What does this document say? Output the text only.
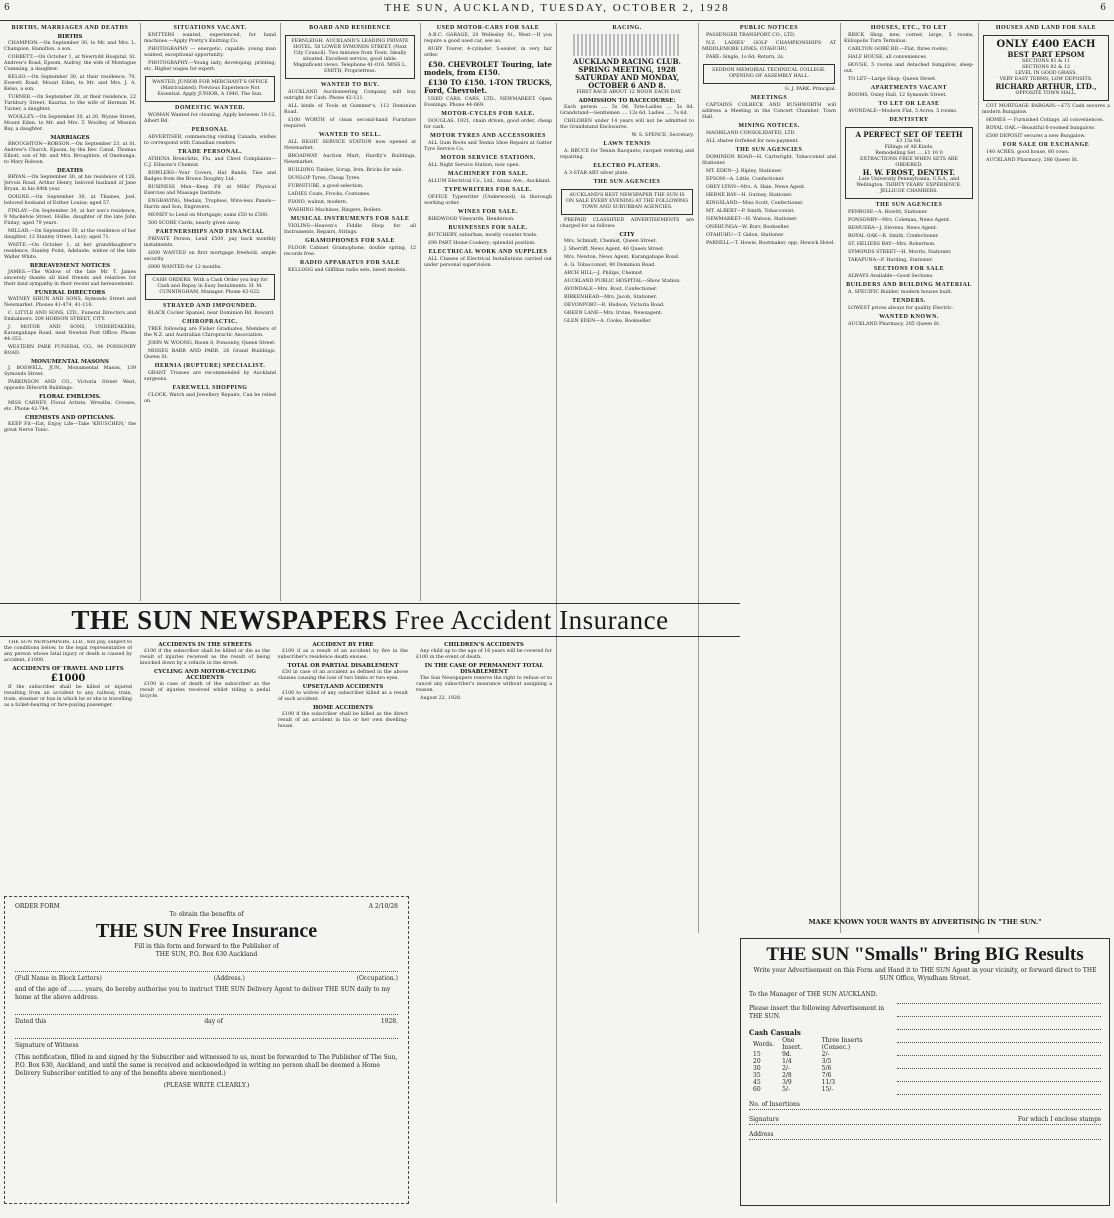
6	THE SUN, AUCKLAND, TUESDAY, OCTOBER 2, 1928	6
BIRTHS, MARRIAGES AND DEATHS
BIRTHS

CHAMPION.—On September 30, to Mr. and Mrs. L. Champion, Hamilton, a son.

CORBETT.—On October 1, at Newrydd Hospital, St. Andrew's Road, Epsom, Audrey, the wife of Montague Cumming, a daughter.

KELSO.—On September 30, at their residence, 70, Everett Road, Mount Eden, to Mr. and Mrs. J. A. Kelso, a son.

TURNER.—On September 28, at their residence, 22 Turnbury Street, Kaurna, to the wife of Herman M. Turner, a daughter.

WOOLLEY.—On September 30, at 20, Wynne Street, Mount Eden, to Mr. and Mrs. T. Woolley, of Mission Bay, a daughter.

MARRIAGES

BROUGHTON—ROBSON.—On September 23, at St. Andrew's Church, Epsom, by the Rev. Canal, Thomas Elliott, son of Mr. and Mrs. Broughton, of Onehunga, to Mary Robson.

DEATHS

BRYAN.—On September 30, at his residence of 126, Jervois Road, Arthur Henry, beloved husband of Jane Bryan, in his 84th year.

DOIGNE.—On September 30, at Thames, Joel, beloved husband of Esther Louise; aged 57.

FINLAY.—On September 30, at her son's residence, 9 Mackelvie Street, Hollie, daughter of the late John Finlay; aged 79 years.

MILLAR.—On September 30, at the residence of her daughter, 12 Stanley Street, Lucy; aged 71.

WHITE.—On October 1, at her granddaughter's residence, Stanley Point, Adelaide, widow of the late Walter White.

BEREAVEMENT NOTICES

JAMES.—The Widow of the late Mr. T. James sincerely thanks all kind friends and relatives for their kind sympathy in their recent sad bereavement.

FUNERAL DIRECTORS

WATNEY SIBUN AND SONS, Symonds Street and Newmarket. Phones 41-474, 41-116.

C. LITTLE AND SONS, LTD., Funeral Directors and Embalmers. 209 HOBSON STREET, CITY.

J. MOTOR AND SONS, UNDERTAKERS, Karangahape Road, next Newton Post Office. Phone 44-353.

WESTERN PARK FUNERAL CO., 94 PONSONBY ROAD.

MONUMENTAL MASONS

J. BOSWELL, JUN., Monumental Mason, 139 Symonds Street.

PARKINSON AND CO., Victoria Street West, opposite Dilworth Buildings.

FLORAL EMBLEMS.

MISS CARNEY, Floral Artiste, Wreaths, Crosses, etc. Phone 42-744.

CHEMISTS AND OPTICIANS.

KEEP Fit—Eat, Enjoy Life—Take 'KRUSCHEN,' the great Nerve Tonic.

SITUATIONS VACANT.

KNITTERS wanted, experienced, for hand machines.—Apply Pretty's Knitting Co.

PHOTOGRAPHY — energetic, capable, young man wanted, exceptional opportunity.

PHOTOGRAPHY.—Young lady, developing, printing, etc. Higher wages for expert.

WANTED, JUNIOR FOR MERCHANT'S OFFICE (Matriculated). Previous Experience Not Essential. Apply JUNIOR, A 1946, The Sun.
DOMESTIC WANTED.

WOMAN Wanted for cleaning. Apply between 10-12, Albert Rd.

PERSONAL

ADVERTISER, commencing visiting Canada, wishes to correspond with Canadian readers.

TRADE PERSONAL.

ATHENA Bronchitis, Flu, and Chest Complaints—C.J. Ellisons's Chemist.

BOWLERS—Your Covers, Hat Bands, Ties and Badges from the Brown Doughty Ltd.

BUSINESS Men—Keep Fit at Mills' Physical Exercise and Massage Institute.

ENGRAVING, Medals, Trophies, Wire-less Panels—Harris and Son, Engravers.

MONEY to Lend on Mortgage; sums £50 to £500.

500 SCORE Cards, nearly given away.

PARTNERSHIPS AND FINANCIAL

PRIVATE Person, Lend £500, pay back monthly instalments.

£600 WANTED on first mortgage freehold, ample security.

£800 WANTED for 12 months.

CASH ORDERS. With a Cash Order you buy for Cash and Repay in Easy Instalments. H. M. CUNNINGHAM, Manager. Phone 42-022.
STRAYED AND IMPOUNDED.

BLACK Cocker Spaniel, near Dominion Rd. Reward.

CHIROPRACTIC.

TREE following are Fisher Graduates, Members of the N.Z. and Australian Chiropractic Association.

JOHN W. WOONG, Room 8, Ponsonby, Queen Street.

MISSES BARR AND PARR, 26 Grand Buildings, Queen St.

HERNIA (RUPTURE) SPECIALIST.

GRANT Trusses are recommended by Auckland surgeons.

FAREWELL SHOPPING

CLOCK, Watch and Jewellery Repairs. Can be relied on.

BOARD AND RESIDENCE
FERNLEIGH. AUCKLAND'S LEADING PRIVATE HOTEL. 58 LOWER SYMONDS STREET, (Next City Council). Two minutes from Town. Ideally situated. Excellent service, good table. Magnificent views. Telephone 41-016. MISS L. SMITH, Proprietress.
WANTED TO BUY.

AUCKLAND Auctioneering Company will buy outright for Cash. Phone 42-121.

ALL kinds of Tools at Gummer's, 112 Dominion Road.

£100 WORTH of clean second-hand Furniture required.

WANTED TO SELL.

ALL RIGHT SERVICE STATION now opened at Newmarket.

BROADWAY Auction Mart, Hardly's Buildings, Newmarket.

BUILDING Timber, Scrap, Iron, Bricks for sale.

DUNLOP Tyres, Cheap Tyres.

FURNITURE, a good selection.

LADIES Coats, Frocks, Costumes.

PIANO, walnut, modern.

WASHING Machines, Ringers, Boilers.

MUSICAL INSTRUMENTS FOR SALE

VIOLINS—Heaven's Fiddle Shop for all Instruments, Repairs, Strings.

GRAMOPHONES FOR SALE

FLOOR Cabinet Gramophone, double spring, 12 records free.

RADIO APPARATUS FOR SALE

KELLOGG and Gilfillan radio sets, latest models.

USED MOTOR-CARS FOR SALE

A.B.C. GARAGE, 20 Wellesley St., West.—If you require a good used car, see us.

RUBY Tourer, 4-cylinder, 5-seater, in very fair order.

£50. CHEVROLET Touring, late models, from £150.

£130 TO £150. 1-TON TRUCKS, Ford, Chevrolet.

USED CARS, CARS, LTD., NEWMARKET. Open Evenings. Phone 44-069.

MOTOR-CYCLES FOR SALE.

DOUGLAS, 1921, chain driven, good order, cheap for cash.

MOTOR TYRES AND ACCESSORIES

ALL Gum Boots and Tennis Shoe Repairs at Gatter Tyre Service Co.

MOTOR SERVICE STATIONS.

ALL Night Service Station, now open.

MACHINERY FOR SALE.

ALLUM Electrical Co., Ltd., Anzac Ave., Auckland.

TYPEWRITERS FOR SALE.

OFFICE Typewriter (Underwood), in thorough working order.

WINES FOR SALE.

BIRDWOOD Vineyards, Henderson.

BUSINESSES FOR SALE.

BUTCHERY, suburban, mostly counter trade.

£90 PART Home Cookery; splendid position.

ELECTRICAL WORK AND SUPPLIES

ALL Classes of Electrical Installations carried out under personal supervision.

RACING.
AUCKLAND RACING CLUB.
SPRING MEETING, 1928
SATURDAY AND MONDAY, OCTOBER 6 AND 8.

FIRST RACE ABOUT 12 NOON EACH DAY.

ADMISSION TO RACECOURSE:

Each person .... 5s 0d. Tote-Ladies .... 5s 0d. Grandstand—Gentlemen .... 12s 6d. Ladies .... 7s 6d.

CHILDREN under 14 years will not be admitted to the Grandstand Enclosures.

W. S. SPENCE, Secretary.

LAWN TENNIS

A. BRUCE for Tennis Racquets; racquet restring and repairing.

ELECTRO PLATERS.

A 3-STAR ART silver plate.

THE SUN AGENCIES
AUCKLAND'S BEST NEWSPAPER THE SUN IS ON SALE EVERY EVENING AT THE FOLLOWING TOWN AND SUBURBAN AGENCIES.

PREPAID CLASSIFIED ADVERTISEMENTS are charged for as follows:

CITY

Mrs. Schmidt, Chemist, Queen Street.

J. Sherriff, News Agent, 46 Queen Street.

Mrs. Newton, News Agent, Karangahape Road.

A. G. Tobacconist, 90 Dominion Road.

ARCH HILL—J. Philips, Chemist.

AUCKLAND PUBLIC HOSPITAL—Show Station.

AVONDALE—Mrs. Rout, Confectioner.

BIRKENHEAD—Mrs. Jacob, Stationer.

DEVONPORT—R. Hudson, Victoria Road.

GREEN LANE—Mrs. Irvine, Newsagent.

GLEN EDEN—A. Cooke, Bookseller.

PUBLIC NOTICES

PASSENGER TRANSPORT CO., LTD.

N.Z. LADIES' GOLF CHAMPIONSHIPS AT MIDDLEMORE LINKS, OTAHUHU.

FARE: Single, 1s 6d; Return, 2s.

SEDDON MEMORIAL TECHNICAL COLLEGE. OPENING OF ASSEMBLY HALL.

G. J. PARK. Principal.

MEETINGS

CAPTAINS COLBECK AND RUSHWORTH will address a Meeting in the Concert Chamber, Town Hall.

MINING NOTICES.

MAORILAND CONSOLIDATED, LTD.

ALL shares forfeited for non-payment.

THE SUN AGENCIES

DOMINION ROAD—H. Cartwright, Tobacconist and Stationer.

MT. EDEN—J. Ripley, Stationer.

EPSOM—A. Little, Confectioner.

GREY LYNN—Mrs. A. Hale, News Agent.

HERNE BAY—H. Gurney, Stationer.

KINGSLAND—Miss Scott, Confectioner.

MT. ALBERT—P. Smith, Tobacconist.

NEWMARKET—H. Watson, Stationer.

ONEHUNGA—W. Burr, Bookseller.

OTAHUHU—T. Gidon, Stationer.

PARNELL—T. Howie, Bootmaker, opp. Howick Hotel.

HOUSES, ETC., TO LET

BRICK Shop, new, corner, large, 5 rooms, Kiiliopolis Turn Terminus.

CARLTON GORE RD.—Flat, three rooms.

HALF HOUSE, all conveniences.

HOUSE, 5 rooms and detached bungalow, sleep-out.

TO LET—Large Shop, Queen Street.

APARTMENTS VACANT

ROOMS, Oxley Hall, 12 Symonds Street.

TO LET OR LEASE

AVONDALE—Modern Flat, 3 Acres, 5 rooms.

DENTISTRY
A PERFECT SET OF TEETH
£3 15s 6d.
Fillings of All Kinds.
Remodelling Set .... £1 10 0
EXTRACTIONS FREE WHEN SETS ARE ORDERED.
H. W. FROST, DENTIST.
Late University Pennsylvania, U.S.A., and Wellington. THIRTY YEARS' EXPERIENCE. JELLICOE CHAMBERS.
THE SUN AGENCIES

PENROSE—A. Howitt, Stationer.

PONSONBY—Mrs. Coleman, News Agent.

REMUERA—J. Stevens, News Agent.

ROYAL OAK—R. Smith, Confectioner.

ST. HELIERS BAY—Mrs. Robertson.

SYMONDS STREET—H. Morris, Stationer.

TAKAPUNA—P. Harding, Stationer.

SECTIONS FOR SALE

ALWAYS Available—Good Sections.

BUILDERS AND BUILDING MATERIAL

A. SPECIFIC Builder, modern houses built.

TENDERS.

LOWEST prices always for quality Electric.

WANTED KNOWN.

AUCKLAND Pharmacy, 285 Queen St.

HOUSES AND LAND FOR SALE
ONLY £400 EACH
BEST PART EPSOM
SECTIONS 81 & 11
SECTIONS 82 & 12
LEVEL IN GOOD GRASS.
VERY EASY TERMS; LOW DEPOSITS.
RICHARD ARTHUR, LTD.,
OPPOSITE TOWN HALL.

COT MORTGAGE BARGAIN.—£75 Cash secures a modern Bungalow.

HOMES — Furnished Cottage, all conveniences.

ROYAL OAK.—Beautiful 6-roomed bungalow.

£500 DEPOSIT secures a new Bungalow.

FOR SALE OR EXCHANGE

140 ACRES, good house, 60 cows.

AUCKLAND Pharmacy, 286 Queen St.

THE SUN NEWSPAPERS Free Accident Insurance

THE SUN NEWSPAPERS, LTD., will pay, subject to the conditions below, to the legal representative of any person whose fatal injury or death is caused by accident, £1000.

ACCIDENTS OF TRAVEL AND LIFTS
£1000

If the subscriber shall be killed or injured resulting from an accident to any railway, train, tram, steamer or bus in which he or she is travelling as a ticket-bearing or fare-paying passenger.

ACCIDENTS IN THE STREETS

£100 if the subscriber shall be killed or die as the result of injuries received as the result of being knocked down by a vehicle in the street.

CYCLING AND MOTOR-CYCLING ACCIDENTS

£100 in case of death of the subscriber as the result of injuries received whilst riding a pedal bicycle.

ACCIDENT BY FIRE

£100 if as a result of an accident by fire in the subscriber's residence death ensues.

TOTAL OR PARTIAL DISABLEMENT

£50 in case of an accident as defined in the above clauses causing the loss of two limbs or two eyes.

UPSET/LAND ACCIDENTS

£100 to widow of any subscriber killed as a result of such accident.

HOME ACCIDENTS

£100 if the subscriber shall be killed as the direct result of an accident in his or her own dwelling-house.

CHILDREN'S ACCIDENTS

Any child up to the age of 16 years will be covered for £100 in the event of death.

IN THE CASE OF PERMANENT TOTAL DISABLEMENT

The Sun Newspapers reserve the right to refuse or to cancel any subscriber's insurance without assigning a reason.

August 22, 1928.

ORDER FORM	A 2/10/28
To obtain the benefits of
THE SUN Free Insurance
Fill in this form and forward to the Publisher of
THE SUN, P.O. Box 630 Auckland
(Full Name in Block Letters)	(Address.)	(Occupation.)

and of the age of ........ years, do hereby authorise you to instruct THE SUN Delivery Agent to deliver THE SUN daily to my home at the above address.

Dated this	day of	1928.
Signature of Witness

(This notification, filled in and signed by the Subscriber and witnessed to us, must be forwarded to The Publisher of The Sun, P.O. Box 630, Auckland, and until the same is received and acknowledged in writing no person shall be deemed a Home Delivery Subscriber entitled to any of the benefits above mentioned.)

(PLEASE WRITE CLEARLY.)
MAKE KNOWN YOUR WANTS BY ADVERTISING IN "THE SUN."
THE SUN "Smalls" Bring BIG Results
Write your Advertisement on this Form and Hand it to THE SUN Agent in your vicinity, or forward direct to THE SUN Office, Wyndham Street.
To the Manager of THE SUN AUCKLAND.
Please insert the following Advertisement in THE SUN.
Cash Casuals
Words.	One Insert.	Three Inserts (Consec.)
15	9d.	2/-
20	1/4	3/5
30	2/-	5/6
35	2/8	7/6
45	3/9	11/3
60	5/-	15/-
No. of Insertions
Signature	For which I enclose stamps
Address
